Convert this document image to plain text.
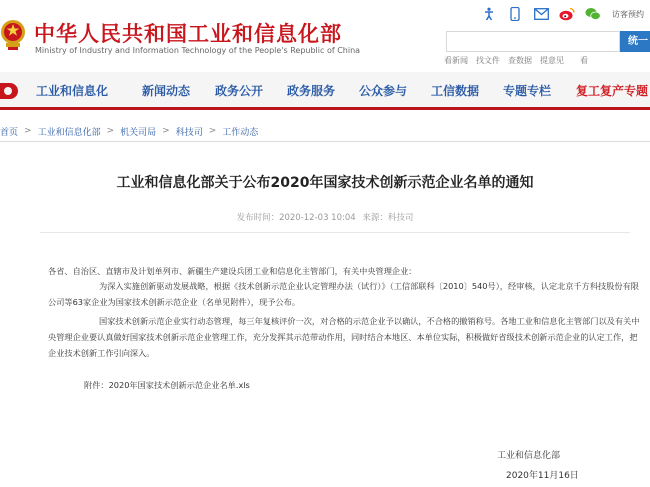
中华人民共和国工业和信息化部
Ministry of Industry and Information Technology of the People's Republic of China
访客预约
统一
看新闻	找文件	查数据	提意见	看
工业和信息化	新闻动态 政务公开 政务服务 公众参与 工信数据 专题专栏 复工复产专题
首页 > 工业和信息化部 > 机关司局 > 科技司 > 工作动态
工业和信息化部关于公布2020年国家技术创新示范企业名单的通知
发布时间：2020-12-03 10:04 来源：科技司
各省、自治区、直辖市及计划单列市、新疆生产建设兵团工业和信息化主管部门，有关中央管理企业：
为深入实施创新驱动发展战略，根据《技术创新示范企业认定管理办法（试行）》（工信部联科〔2010〕540号），经审核，认定北京千方科技股份有限公司等63家企业为国家技术创新示范企业（名单见附件），现予公布。
国家技术创新示范企业实行动态管理，每三年复核评价一次，对合格的示范企业予以确认，不合格的撤销称号。各地工业和信息化主管部门以及有关中央管理企业要认真做好国家技术创新示范企业管理工作，充分发挥其示范带动作用，同时结合本地区、本单位实际，积极做好省级技术创新示范企业的认定工作，把企业技术创新工作引向深入。
附件：2020年国家技术创新示范企业名单.xls
工业和信息化部
2020年11月16日
